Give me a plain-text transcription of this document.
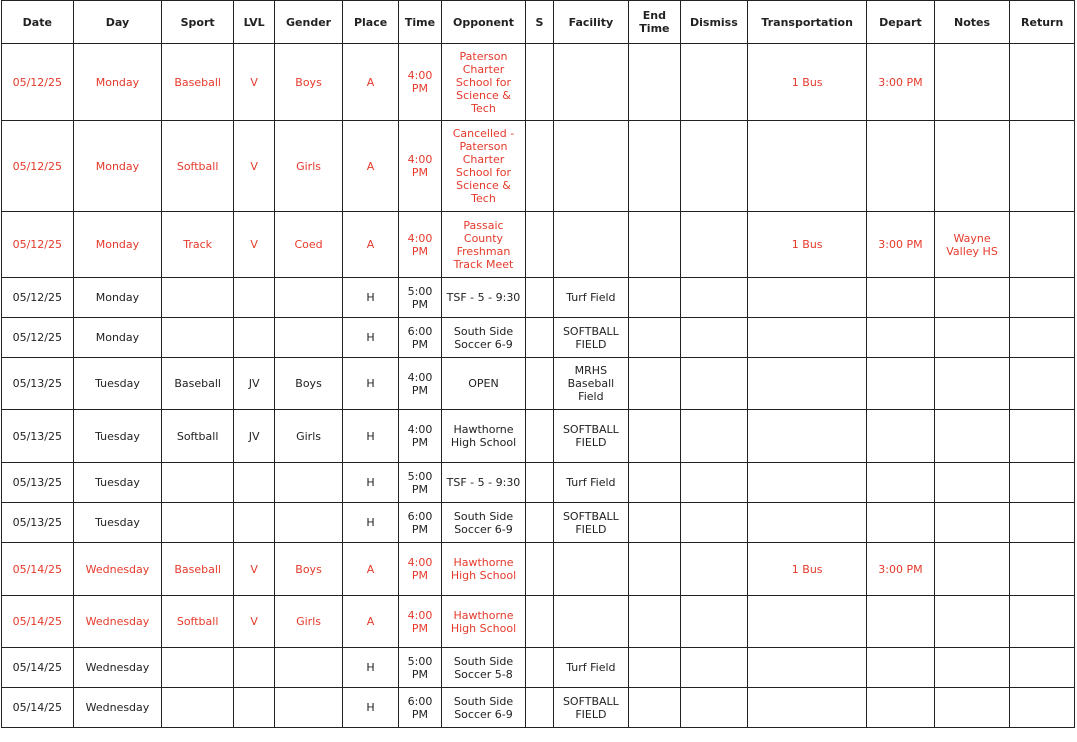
Date	Day	Sport	LVL	Gender	Place	Time	Opponent	S	Facility	End Time	Dismiss	Transportation	Depart	Notes	Return
05/12/25	Monday	Baseball	V	Boys	A	4:00 PM	Paterson Charter School for Science & Tech					1 Bus	3:00 PM		
05/12/25	Monday	Softball	V	Girls	A	4:00 PM	Cancelled - Paterson Charter School for Science & Tech								
05/12/25	Monday	Track	V	Coed	A	4:00 PM	Passaic County Freshman Track Meet					1 Bus	3:00 PM	Wayne Valley HS	
05/12/25	Monday				H	5:00 PM	TSF - 5 - 9:30		Turf Field						
05/12/25	Monday				H	6:00 PM	South Side Soccer 6-9		SOFTBALL FIELD						
05/13/25	Tuesday	Baseball	JV	Boys	H	4:00 PM	OPEN		MRHS Baseball Field						
05/13/25	Tuesday	Softball	JV	Girls	H	4:00 PM	Hawthorne High School		SOFTBALL FIELD						
05/13/25	Tuesday				H	5:00 PM	TSF - 5 - 9:30		Turf Field						
05/13/25	Tuesday				H	6:00 PM	South Side Soccer 6-9		SOFTBALL FIELD						
05/14/25	Wednesday	Baseball	V	Boys	A	4:00 PM	Hawthorne High School					1 Bus	3:00 PM		
05/14/25	Wednesday	Softball	V	Girls	A	4:00 PM	Hawthorne High School								
05/14/25	Wednesday				H	5:00 PM	South Side Soccer 5-8		Turf Field						
05/14/25	Wednesday				H	6:00 PM	South Side Soccer 6-9		SOFTBALL FIELD						
